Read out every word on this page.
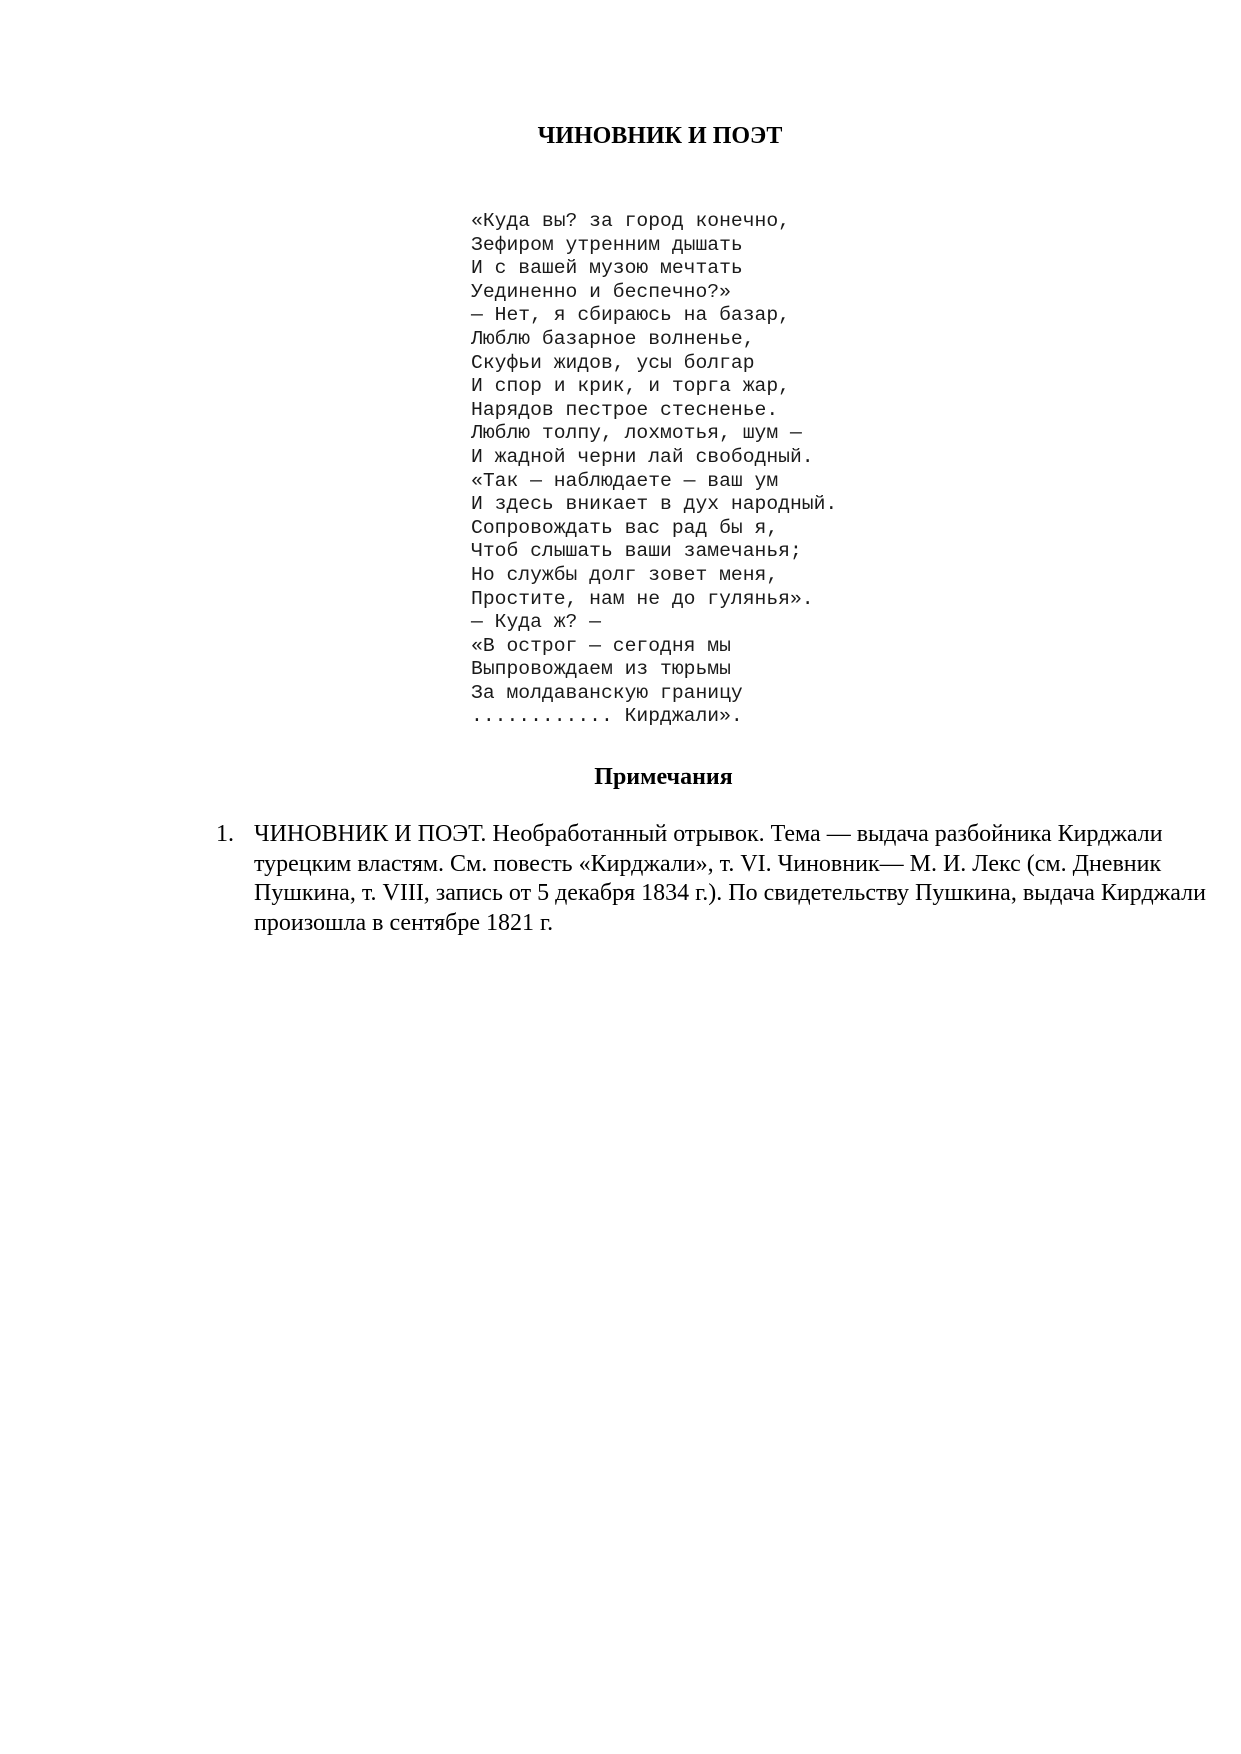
ЧИНОВНИК И ПОЭТ
«Куда вы? за город конечно,
Зефиром утренним дышать
И с вашей музою мечтать
Уединенно и беспечно?»
— Нет, я сбираюсь на базар,
Люблю базарное волненье,
Скуфьи жидов, усы болгар
И спор и крик, и торга жар,
Нарядов пестрое стесненье.
Люблю толпу, лохмотья, шум —
И жадной черни лай свободный.
«Так — наблюдаете — ваш ум
И здесь вникает в дух народный.
Сопровождать вас рад бы я,
Чтоб слышать ваши замечанья;
Но службы долг зовет меня,
Простите, нам не до гулянья».
— Куда ж? —
«В острог — сегодня мы
Выпровождаем из тюрьмы
За молдаванскую границу
............ Кирджали».
Примечания
1. ЧИНОВНИК И ПОЭТ. Необработанный отрывок. Тема — выдача разбойника Кирджали турецким властям. См. повесть «Кирджали», т. VI. Чиновник— М. И. Лекс (см. Дневник Пушкина, т. VIII, запись от 5 декабря 1834 г.). По свидетельству Пушкина, выдача Кирджали произошла в сентябре 1821 г.
